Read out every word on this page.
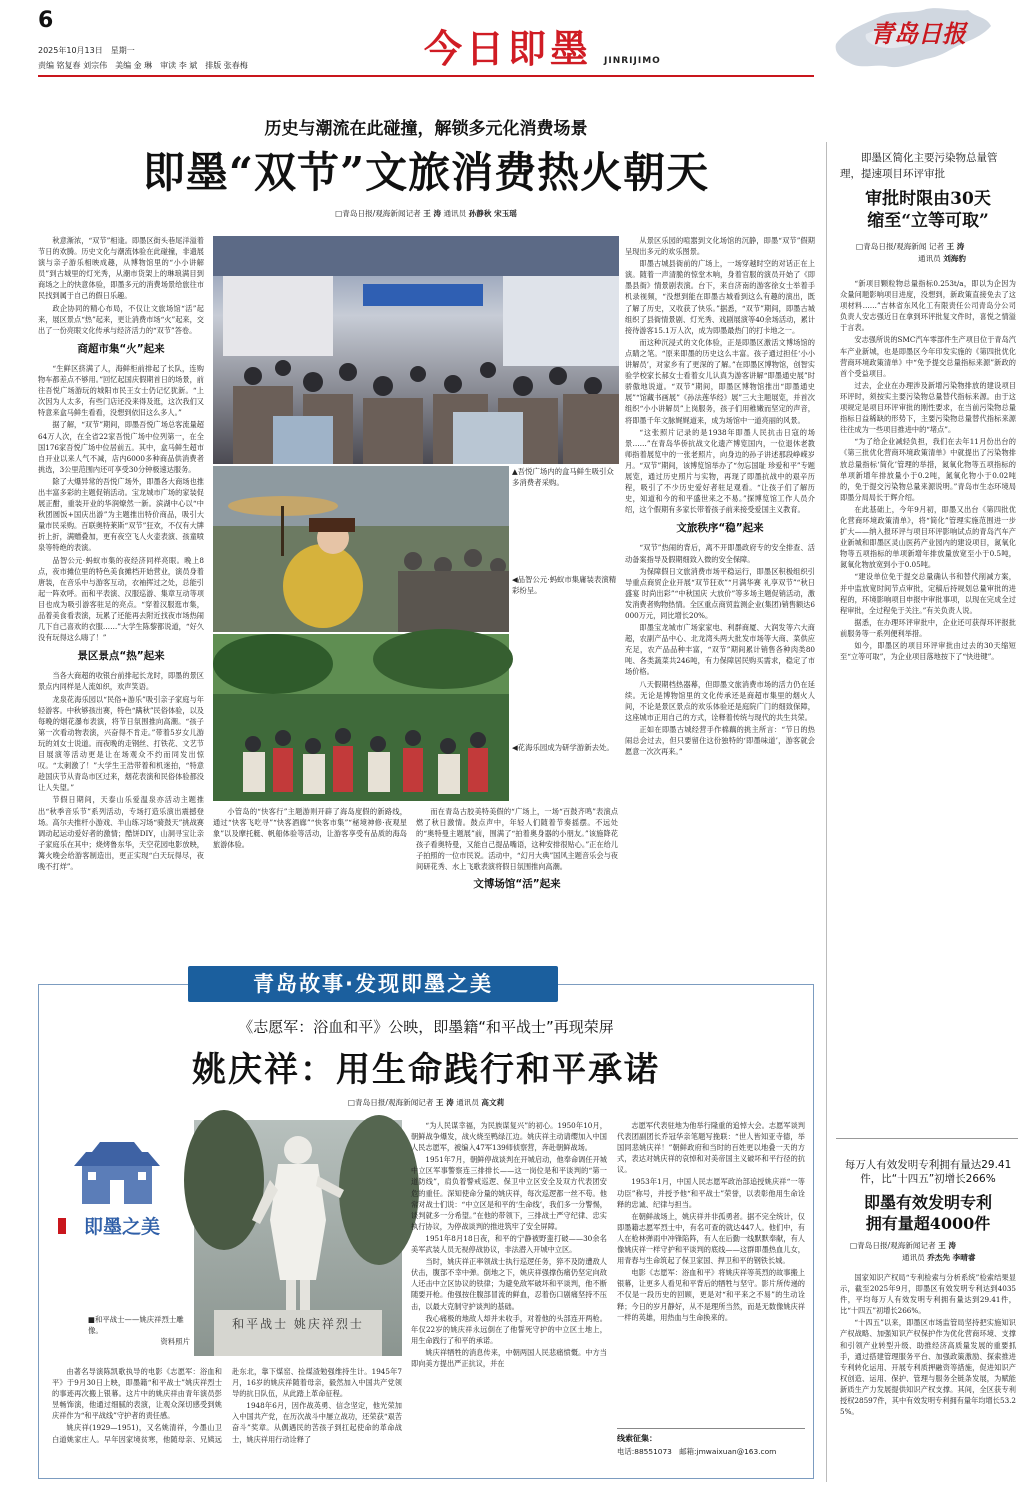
6
2025年10月13日　星期一
责编 铭复春 刘宗伟　美编 金 琳　审读 李 斌　排版 张春梅	今日即墨 JINRIJIMO
青岛日报
历史与潮流在此碰撞，解锁多元化消费场景
即墨“双节”文旅消费热火朝天
□青岛日报/观海新闻记者 王 涛 通讯员 孙静秋 宋玉瑶

秋意渐浓，“双节”相逢。即墨区街头巷尾洋溢着节日的欢腾。历史文化与潮流体验在此碰撞，非遗展演与亲子游乐相映成趣，从博物馆里的“小小讲解员”到古城里的灯光秀，从潮市货架上的琳琅满目到商场之上的快意体验，即墨多元的消费场景给旅往市民找到属于自己的假日乐趣。

政企协同的精心布局，不仅让文旅场馆“活”起来，展区景点“热”起来，更让消费市场“火”起来，交出了一份亮眼文化传承与经济活力的“双节”答卷。

商超市集“火”起来

“生鲜区挤满了人，海鲜柜前排起了长队，连购物车都差点不够用。”回忆起国庆假期首日的场景，前往吾悦广场游玩的城阳市民王女士仍记忆犹新。“上次因为人太多，有些门店还没来得及逛，这次我们又特意来盒马鲜生看看，没想到依旧这么多人。”

据了解，“双节”期间，即墨吾悦广场总客流量超64万人次，在全省22家吾悦广场中位列第一，在全国176家吾悦广场中位居前五。其中，盒马鲜生超市自开业以来人气不减，店内6000多种商品供消费者挑选，3公里范围内还可享受30分钟极速达服务。

除了大爆异常的吾悦广场外，即墨各大商场也推出丰富多彩的主题促销活动。宝龙城市广场的家装促展正酣，重装开业的华润燎然一新。滨湖中心以“中秋团圆饭+国庆出游”为主题推出特价商品，吸引大量市民采购。百联奥特莱斯“双节”狂欢，不仅有大牌折上折，满赠叠加，更有夜空飞人火壶表演、孩童喷泉等特绝的表演。

品智公元·蚂蚁市集的夜经济同样亮眼。晚上8点，夜市摊位里的特色美食摊档开始营业，演员身着唐装，在音乐中与游客互动，衣袖挥过之处，总能引起一阵欢呼。而和平表演、汉服巡游、集章互动等项目也成为吸引游客驻足的亮点。“穿着汉服逛市集，品着美食看表演，玩累了还能再去附近找夜市场热闹几下自己喜欢的衣服……”大学生陈黎都说道，“好久没有玩得这么嗨了！”

景区景点“热”起来

当各大商超的收银台前排起长龙时，即墨的景区景点内同样是人流如织，欢声笑语。

龙泉花海乐园以“民俗+游乐”吸引亲子家庭与年轻游客。中秋够孩出赛，特色“蹒秋”民俗体验，以及每晚的烟花瀑布表演，将节日氛围推向高潮。“孩子第一次看动物表演，兴奋得不肯走。”带着5岁女儿游玩的刘女士说道。而夜晚的走钢丝、打铁花、文艺节目展演等活动更是让在场观众不约而同发出惊叹。“太刺激了！”大学生王浩带着和机迷拍，“特意趁国庆节从青岛市区过来，烟花表演和民俗体验都没让人失望。”

节假日期间，天泰山乐爱温泉亦活动主题推出“秋季音乐节”系列活动，专场打造乐演出震撼登场。高尔夫推杆小游戏、半山练习场“骑鼓天”挑战赛调动起运动爱好者的激情；酷饼DIY，山洞寻宝让亲子家庭乐在其中；烧烤鲁东华，天空花园电影放映，篝火晚会给游客制造出，更正实现“白天玩得尽，夜晚不打烊”。

▲吾悦广场内的盒马鲜生吸引众多消费者采购。
◀品智公元·蚂蚁市集庸装表演精彩纷呈。
◀花海乐园成为研学游新去处。

小管岛的“快客行”主题游则开辟了海岛度假的新路线，通过“快客飞吃寻”“快客酒廊”“快客市集”“秘境神修·夜观星象”以及摩托艇、帆船体验等活动，让游客享受有品质的海岛旅游体验。

而在青岛古胶美特美假的“广场上，一场“百鼓齐鸣”表演点燃了秋日激情。鼓点声中，年轻人们随着节奏摇摆。不远处的“奥特曼主题展”前，围满了“拍着奥身器的小朋友。”该施降花孩子看奥特曼，又能自己提品嘴语，这种安排很贴心。”正在给儿子拍照的一位市民说。活动中，“幻月大典”国风主题音乐会与夜间研花秀、水上飞歌表演将假日氛围推向高潮。

文博场馆“活”起来

从景区乐园的喧嚣到文化场馆的沉静，即墨“双节”假期呈现出多元的欢乐图景。

即墨古城县衙前的广场上，一场穿越时空的对话正在上演。随着一声清脆的惊堂木响，身着官服的演员开始了《即墨县衙》情景剧表演。台下，来自济南的游客徐女士举着手机录视频，“没想到能在即墨古城看到这么有趣的演出，既了解了历史，又收获了快乐。”据悉，“双节”期间，即墨古城组织了县衙情景剧、灯光秀、戏剧展演等40余场活动，累计接待游客15.1万人次，成为即墨最热门的打卡地之一。

而这种沉浸式的文化体验，正是即墨区激活文博场馆的点睛之笔。“原来即墨的历史这么丰富。孩子通过担任‘小小讲解员’，对家乡有了更深的了解。”在即墨区博物馆，创智实验学校家长郝女士看着女儿认真为游客讲解“即墨通史展”时骄傲地说道。“双节”期间，即墨区博物馆推出“即墨通史展”“馆藏书画展”《孙法莲华经》展”三大主题展览，并首次组织“小小讲解员”上岗服务，孩子们用稚嫩而坚定的声音，将即墨千年文脉娓娓道来，成为场馆中一道亮丽的风景。

“这张照片记录的是1938年即墨人民抗击日寇的场景……”在青岛华侨抗战文化遗产博览国内，一位退休老教师指着展览中的一张老照片，向身边的孙子讲述那段峥嵘岁月。“双节”期间，该博览馆举办了“勿忘国耻 珍爱和平”专题展览，通过历史照片与实物，再现了即墨抗战中的艰辛历程，吸引了不少历史爱好者驻足观看。“让孩子们了解历史，知道和今的和平盛世来之不易。”探博览馆工作人员介绍，这个假期有多家长带着孩子前来接受爱国主义教育。

文旅秩序“稳”起来

“双节”热闹的背后，离不开即墨政府专的安全排查、活动备案指导及假期细致入微的安全保障。

为保障假日文旅消费市场平稳运行，即墨区积极组织引导重点商贸企业开展“双节狂欢”“月满华赛 礼享双节”“秋日盛宴 时尚出彩”“中秋国庆 大放价”等多场主题促销活动，激发消费者购物热情。全区重点商贸监测企业(集团)销售额达6000万元，同比增长20%。

即墨宝龙城市广场家家电、利群商厦、大润发等六大商超，农副产品中心、北龙湾头两大批发市场等大商、菜供应充足，农产品品种丰富，“双节”期间累计销售各种肉类80吨、各类蔬菜共246吨，有力保障居民购买需求，稳定了市场价格。

八天假期档热器幕，但即墨文旅消费市场的活力仍在延续。无论是博物馆里的文化传承还是商超市集里的烟火人间，不论是景区景点的欢乐体验还是庭院广门的细致保障，这座城市正用自己的方式，诠释着传统与现代的共生共荣。

正如在即墨古城经营手作棉藕的挑主所言：“节日的热闹总会过去，但只要留住这份独特的‘即墨味道’，游客就会愿意一次次再来。”

即墨区简化主要污染物总量管理，提速项目环评审批
审批时限由30天
缩至“立等可取”
□青岛日报/观海新闻 记者 王 涛
通讯员 刘海豹

“新项目颗粒物总量指标0.253t/a，即以为企因为众量问题影响项目进度，没想到，新政策直接免去了这项材料……”吉林省东风化工有限责任公司青岛分公司负责人安志强近日在拿到环评批复文件时，喜悦之情溢于言表。

安志强所说的SMC汽车零部件生产项目位于青岛汽车产业新城，也是即墨区今年印发实施的《第四批优化营商环境政策清单》中“免予提交总量指标来源”新政的首个受益项目。

过去，企业在办理涉及新增污染物排放的建设项目环评时，须按实主要污染物总量替代指标来源。由于这项规定是项目环评审批的刚性要求，在当前污染物总量指标日益稀缺的形势下，主要污染物总量替代指标来源往往成为一些项目推进中的“堵点”。

“为了给企业减轻负担，我们在去年11月份出台的《第三批优化营商环境政策清单》中就提出了污染物排放总量指标‘简化’管理的举措，氮氧化物等五项指标的单项新增年排放量小于0.2吨，氮氧化物小于0.02吨的，免于提交污染物总量来源说明。”青岛市生态环境局即墨分局局长于辉介绍。

在此基础上，今年9月初，即墨又出台《第四批优化营商环境政策清单》，将“简化”管理实施范围进一步扩大——纳入报环评与项目环评影响试点的青岛汽车产业新城和即墨区灵山医药产业园内的建设项目，氮氧化物等五项指标的单项新增年排放量放宽至小于0.5吨，氮氧化物放宽到小于0.05吨。

“建设单位免于提交总量确认书和替代削减方案，并中监放宽时间节点审批，定稿后持规划总量审批的进程的，环境影响项目申报中审批事项，以现在完成全过程审批，全过程免于关注。”有关负责人说。

据悉，在办理环评审批中，企业还可获得环评报批前服务等一系列便利举措。

如今，即墨区的项目环评审批由过去的30天缩短至“立等可取”，为企业项目落地按下了“快进键”。

每万人有效发明专利拥有量达29.41件，比“十四五”初增长266%
即墨有效发明专利
拥有量超4000件
□青岛日报/观海新闻记者 王 涛
通讯员 乔杰先 李晴睿

国家知识产权局“专利检索与分析系统”检索结果显示，截至2025年9月，即墨区有效发明专利达到4035件，平均每万人有效发明专利拥有量达到29.41件，比“十四五”初增长266%。

“十四五”以来，即墨区市场监管局坚持把实施知识产权战略、加强知识产权保护作为优化营商环境、支撑和引领产业转型升级、助推经济高质量发展的重要抓手，通过搭建管理服务平台、加强政策激励、探索推进专利转化运用、开展专利质押融资等措施，促进知识产权创造、运用、保护、管理与服务全链条发展，为赋能新质生产力发展提供知识产权支撑。其间，全区获专利授权28597件，其中有效发明专利拥有量年均增长53.25%。

青岛故事·发现即墨之美
《志愿军：浴血和平》公映，即墨籍“和平战士”再现荣屏
姚庆祥：用生命践行和平承诺
□青岛日报/观海新闻记者 王 涛 通讯员 高文莉
即墨之美
和平战士 姚庆祥烈士
■和平战士——姚庆祥烈士雕像。
资料照片

由著名导演陈凯歌执导的电影《志愿军：浴血和平》于9月30日上映，即墨籍“和平战士”姚庆祥烈士的事迹再次搬上银幕。这片中的姚庆祥由青年演员彭昱畅饰演，他通过细腻的表演，让观众深切感受到姚庆祥作为“和平战线”守护者的责任感。

姚庆祥(1929—1951)，又名姚清祥，今墨山卫白道姚家庄人。早年因家境贫寒，他随母亲、兄姨远赴东北，靠下煤窑、捡煤渣勉强维持生计。1945年7月，16岁的姚庆祥随着母亲，毅然加入中国共产党领导的抗日队伍，从此踏上革命征程。

1948年6月，因作战英勇、信念坚定，他光荣加入中国共产党，在历次战斗中屡立战功，还荣获“艰苦奋斗”奖章。从偶遇民的苦孩子到扛起使命的革命战士，姚庆祥用行动诠释了

“为人民谋幸福，为民族谋复兴”的初心。1950年10月，朝鲜战争爆发，战火烧至鸭绿江边。姚庆祥主动请缨加入中国人民志愿军，被编入47军139师侦察营，奔赴朝鲜战场。

1951年7月，朝鲜停战谈判在开城启动，他奉命调任开城中立区军事警察连三排排长——这一岗位是和平谈判的“第一道防线”，肩负着警戒巡逻、保卫中立区安全及双方代表团安危的重任。深知使命分量的姚庆祥，每次巡逻都一丝不苟。他常对战士们说：“中立区是和平的‘生命线’，我们多一分警惕，谈判就多一分希望。”在他的带领下，三排战士严守纪律、忠实执行协议，为停战谈判的推进筑牢了安全屏障。

1951年8月18日夜，和平的宁静被野蛮打破——30余名美军武装人员无视停战协议，非法潜入开城中立区。

当时，姚庆祥正率领战士执行巡逻任务，猝不及防遭敌人伏击，腹部不幸中弹。倒地之下，姚庆祥强撑伤痛仍坚定向敌人还击中立区协议的铁律；为避免敌军破坏和平谈判，他不断随要开枪。他强按住腹部冒流的鲜血，忍着伤口剧痛坚持不压击，以最大克制守护谈判的基础。

我心痛极的地敌人却并未收手，对着他的头部连开两枪。年仅22岁的姚庆祥永远倒在了他誓死守护的中立区土地上，用生命践行了和平的承诺。

姚庆祥牺牲的消息传来，中朝两国人民悲痛愤慨。中方当即向美方提出严正抗议，并在

志愿军代表驻地为他举行隆重的追悼大会。志愿军谈判代表团副团长乔冠华亲笔题写挽联：“世人皆知亚寺德，举国同悲姚庆祥！”朝鲜政府和当时的百姓更以地叠一天的方式，表达对姚庆祥的哀悼和对美帝国主义破坏和平行径的抗议。

1953年1月，中国人民志愿军政治部追授姚庆祥“一等功臣”称号，并授予他“和平战士”荣誉，以表彰他用生命诠释的忠诚、纪律与担当。

在朝鲜战场上，姚庆祥并非孤勇者。据不完全统计，仅即墨籍志愿军烈士中，有名可查的就达447人。他们中，有人在枪林弹雨中冲锋陷阵，有人在后勤一线默默奉献，有人像姚庆祥一样守护和平谈判的底线——这群即墨热血儿女，用青春与生命筑起了保卫家国、捍卫和平的钢铁长城。

电影《志愿军：浴血和平》将姚庆祥等英烈的故事搬上银幕，让更多人看见和平背后的牺牲与坚守。影片所传递的不仅是一段历史的回顾，更是对“和平来之不易”的生动诠释；今日的岁月静好，从不是理所当然，而是无数像姚庆祥一样的英雄，用热血与生命换来的。

线索征集：
电话:88551073　邮箱:jmwaixuan@163.com
